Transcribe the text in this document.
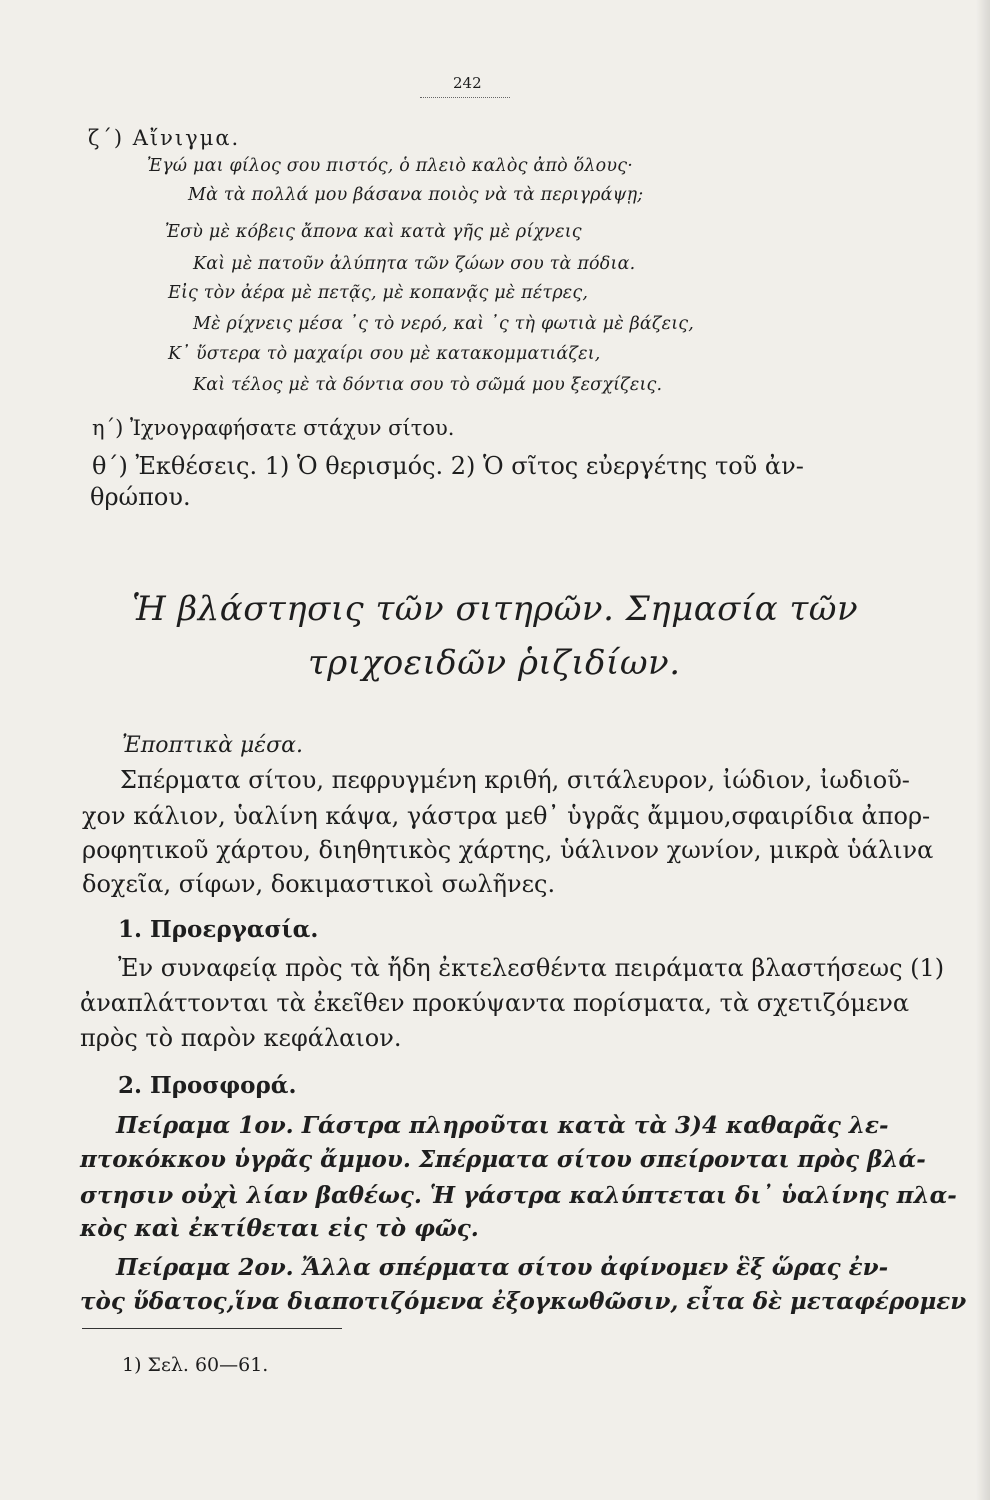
242
ζ΄) Αἴνιγμα.
Ἐγώ μαι φίλος σου πιστός, ὁ πλειὸ καλὸς ἀπὸ ὅλους·
Μὰ τὰ πολλά μου βάσανα ποιὸς νὰ τὰ περιγράψῃ;
Ἐσὺ μὲ κόβεις ἄπονα καὶ κατὰ γῆς μὲ ρίχνεις
Καὶ μὲ πατοῦν ἀλύπητα τῶν ζώων σου τὰ πόδια.
Εἰς τὸν ἀέρα μὲ πετᾷς, μὲ κοπανᾷς μὲ πέτρες,
Μὲ ρίχνεις μέσα ᾽ς τὸ νερό, καὶ ᾽ς τὴ φωτιὰ μὲ βάζεις,
Κ᾽ ὕστερα τὸ μαχαίρι σου μὲ κατακομματιάζει,
Καὶ τέλος μὲ τὰ δόντια σου τὸ σῶμά μου ξεσχίζεις.
η΄) Ἰχνογραφήσατε στάχυν σίτου.
θ΄) Ἐκθέσεις. 1) Ὁ θερισμός. 2) Ὁ σῖτος εὐεργέτης τοῦ ἀν-
θρώπου.
Ἡ βλάστησις τῶν σιτηρῶν. Σημασία τῶν
τριχοειδῶν ῥιζιδίων.
Ἐποπτικὰ μέσα.
Σπέρματα σίτου, πεφρυγμένη κριθή, σιτάλευρον, ἰώδιον, ἰωδιοῦ-
χον κάλιον, ὑαλίνη κάψα, γάστρα μεθ᾽ ὑγρᾶς ἄμμου,σφαιρίδια ἀπορ-
ροφητικοῦ χάρτου, διηθητικὸς χάρτης, ὑάλινον χωνίον, μικρὰ ὑάλινα
δοχεῖα, σίφων, δοκιμαστικοὶ σωλῆνες.
1. Προεργασία.
Ἐν συναφείᾳ πρὸς τὰ ἤδη ἐκτελεσθέντα πειράματα βλαστήσεως (1)
ἀναπλάττονται τὰ ἐκεῖθεν προκύψαντα πορίσματα, τὰ σχετιζόμενα
πρὸς τὸ παρὸν κεφάλαιον.
2. Προσφορά.
Πείραμα 1ον. Γάστρα πληροῦται κατὰ τὰ 3)4 καθαρᾶς λε-
πτοκόκκου ὑγρᾶς ἄμμου. Σπέρματα σίτου σπείρονται πρὸς βλά-
στησιν οὐχὶ λίαν βαθέως. Ἡ γάστρα καλύπτεται δι᾽ ὑαλίνης πλα-
κὸς καὶ ἐκτίθεται εἰς τὸ φῶς.
Πείραμα 2ον. Ἄλλα σπέρματα σίτου ἀφίνομεν ἓξ ὥρας ἐν-
τὸς ὕδατος,ἵνα διαποτιζόμενα ἐξογκωθῶσιν, εἶτα δὲ μεταφέρομεν
1) Σελ. 60—61.
